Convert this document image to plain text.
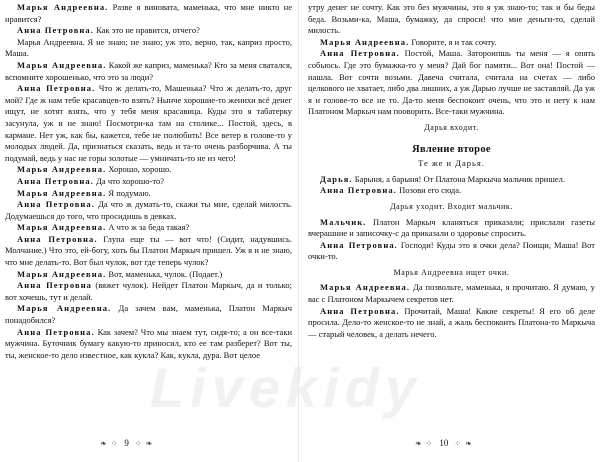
Марья Андреевна. Разве я виновата, маменька, что мне никто не нравится?

Анна Петровна. Как это не нравится, отчего?

Марья Андреевна. Я не знаю; не знаю; уж это, верно, так, каприз просто, Маша.

Марья Андреевна. Какой же каприз, маменька? Кто за меня сватался, вспомните хорошенько, что это за люди?

Анна Петровна. Что ж делать-то, Машенька? Что ж делать-то, друг мой? Где ж нам тебе красавцев-то взять? Нынче хорошие-то женихи всё денег ищут, не хотят взять, что у тебя меня красавица. Куды это я табатерку засунула, уж и не знаю! Посмотри-ка там на столике... Постой, здесь, в кармане. Нет уж, как бы, кажется, тебе не полюбить! Все ветер в голове-то у молодых людей. Да, признаться сказать, ведь и та-то очень разборчива. А ты подумай, ведь у нас не горы золотые — умничать-то не из чего!

Марья Андреевна. Хорошо, хорошо.

Анна Петровна. Да что хорошо-то?

Марья Андреевна. Я подумаю.

Анна Петровна. Да что ж думать-то, скажи ты мне, сделай милость. Додумаешься до того, что просидишь в девках.

Марья Андреевна. А что ж за беда такая?

Анна Петровна. Глупа еще ты — вот что! (Сидит, надувшись. Молчание.) Что это, ей-богу, хоть бы Платон Маркыч пришел. Уж я и не знаю, что мне делать-то. Вот был чулок, вот где теперь чулок?

Марья Андреевна. Вот, маменька, чулок. (Подает.)

Анна Петровна (вяжет чулок). Нейдет Платон Маркыч, да и только; вот хочешь, тут и делай.

Марья Андреевна. Да зачем вам, маменька, Платон Маркыч понадобился?

Анна Петровна. Как зачем? Что мы знаем тут, сидя-то; а он все-таки мужчина. Буточник бумагу какую-то приносил, кто ее там разберет? Вот ты, ты, женское-то дело известное, как кукла? Как, кукла, дура. Вот целое

утру денег не сочту. Как это без мужчины, это я уж знаю-то; так и бы беды беда. Возьми-ка, Маша, бумажку, да спроси! что мне деньги-то, сделай милость.

Марья Андреевна. Говорите, я и так сочту.

Анна Петровна. Постой, Маша. Затороипшь ты меня — я опять собьюсь. Где это бумажка-то у меня? Дай бог памяти... Вот она! Постой — нашла. Вот сочти возьми. Давеча считала, считала на счетах — либо целкового не хватает, либо два лишних, а уж Дарью лучше не заставляй. Да уж я и голове-то все не то. Да-то меня беспокоит очень, что это и нету к нам Платоном Маркыч нам пооворить. Все-таки мужчина.

Дарья входит.

Явление второе

Те же и Дарья.

Дарья. Барыня, а барыня! От Платона Маркыча мальчик пришел.

Анна Петровна. Позови его сюда.

Дарья уходит. Входит мальчик.

Мальчик. Платон Маркыч кланяться приказали; прислали газеты вчерашние и записочку-с да приказали о здоровье спросить.

Анна Петровна. Господи! Куды это я очки дела? Поищи, Маша! Вот очки-то.

Марья Андреевна ищет очки.

Марья Андреевна. Да позвольте, маменька, я прочитаю. Я думаю, у вас с Платоном Маркычем секретов нет.

Анна Петровна. Прочитай, Маша! Какие секреты! Я его об деле просила. Дело-то женское-то не знай, а жаль беспокоить Платона-то Маркыча — старый человек, а делать нечего.

❧ ⁘ 9 ⁘ ❧	❧ ⁘ 10 ⁘ ❧
Livekidy
